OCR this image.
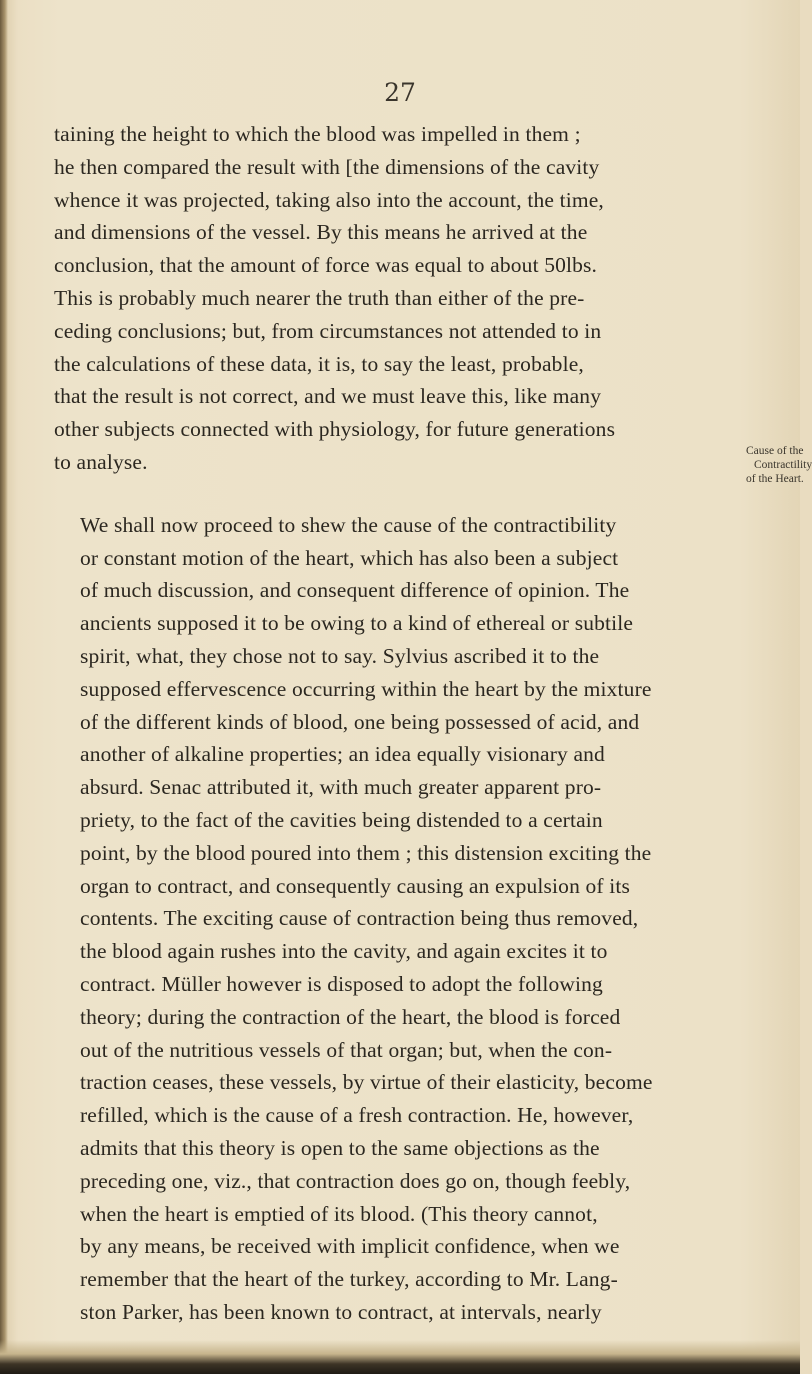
27

taining the height to which the blood was impelled in them ;
he then compared the result with [the dimensions of the cavity
whence it was projected, taking also into the account, the time,
and dimensions of the vessel. By this means he arrived at the
conclusion, that the amount of force was equal to about 50lbs.
This is probably much nearer the truth than either of the pre-
ceding conclusions; but, from circumstances not attended to in
the calculations of these data, it is, to say the least, probable,
that the result is not correct, and we must leave this, like many
other subjects connected with physiology, for future generations
to analyse.

We shall now proceed to shew the cause of the contractibility
or constant motion of the heart, which has also been a subject
of much discussion, and consequent difference of opinion. The
ancients supposed it to be owing to a kind of ethereal or subtile
spirit, what, they chose not to say. Sylvius ascribed it to the
supposed effervescence occurring within the heart by the mixture
of the different kinds of blood, one being possessed of acid, and
another of alkaline properties; an idea equally visionary and
absurd. Senac attributed it, with much greater apparent pro-
priety, to the fact of the cavities being distended to a certain
point, by the blood poured into them ; this distension exciting the
organ to contract, and consequently causing an expulsion of its
contents. The exciting cause of contraction being thus removed,
the blood again rushes into the cavity, and again excites it to
contract. Müller however is disposed to adopt the following
theory; during the contraction of the heart, the blood is forced
out of the nutritious vessels of that organ; but, when the con-
traction ceases, these vessels, by virtue of their elasticity, become
refilled, which is the cause of a fresh contraction. He, however,
admits that this theory is open to the same objections as the
preceding one, viz., that contraction does go on, though feebly,
when the heart is emptied of its blood. (This theory cannot,
by any means, be received with implicit confidence, when we
remember that the heart of the turkey, according to Mr. Lang-
ston Parker, has been known to contract, at intervals, nearly

Cause of the
Contractility
of the Heart.
